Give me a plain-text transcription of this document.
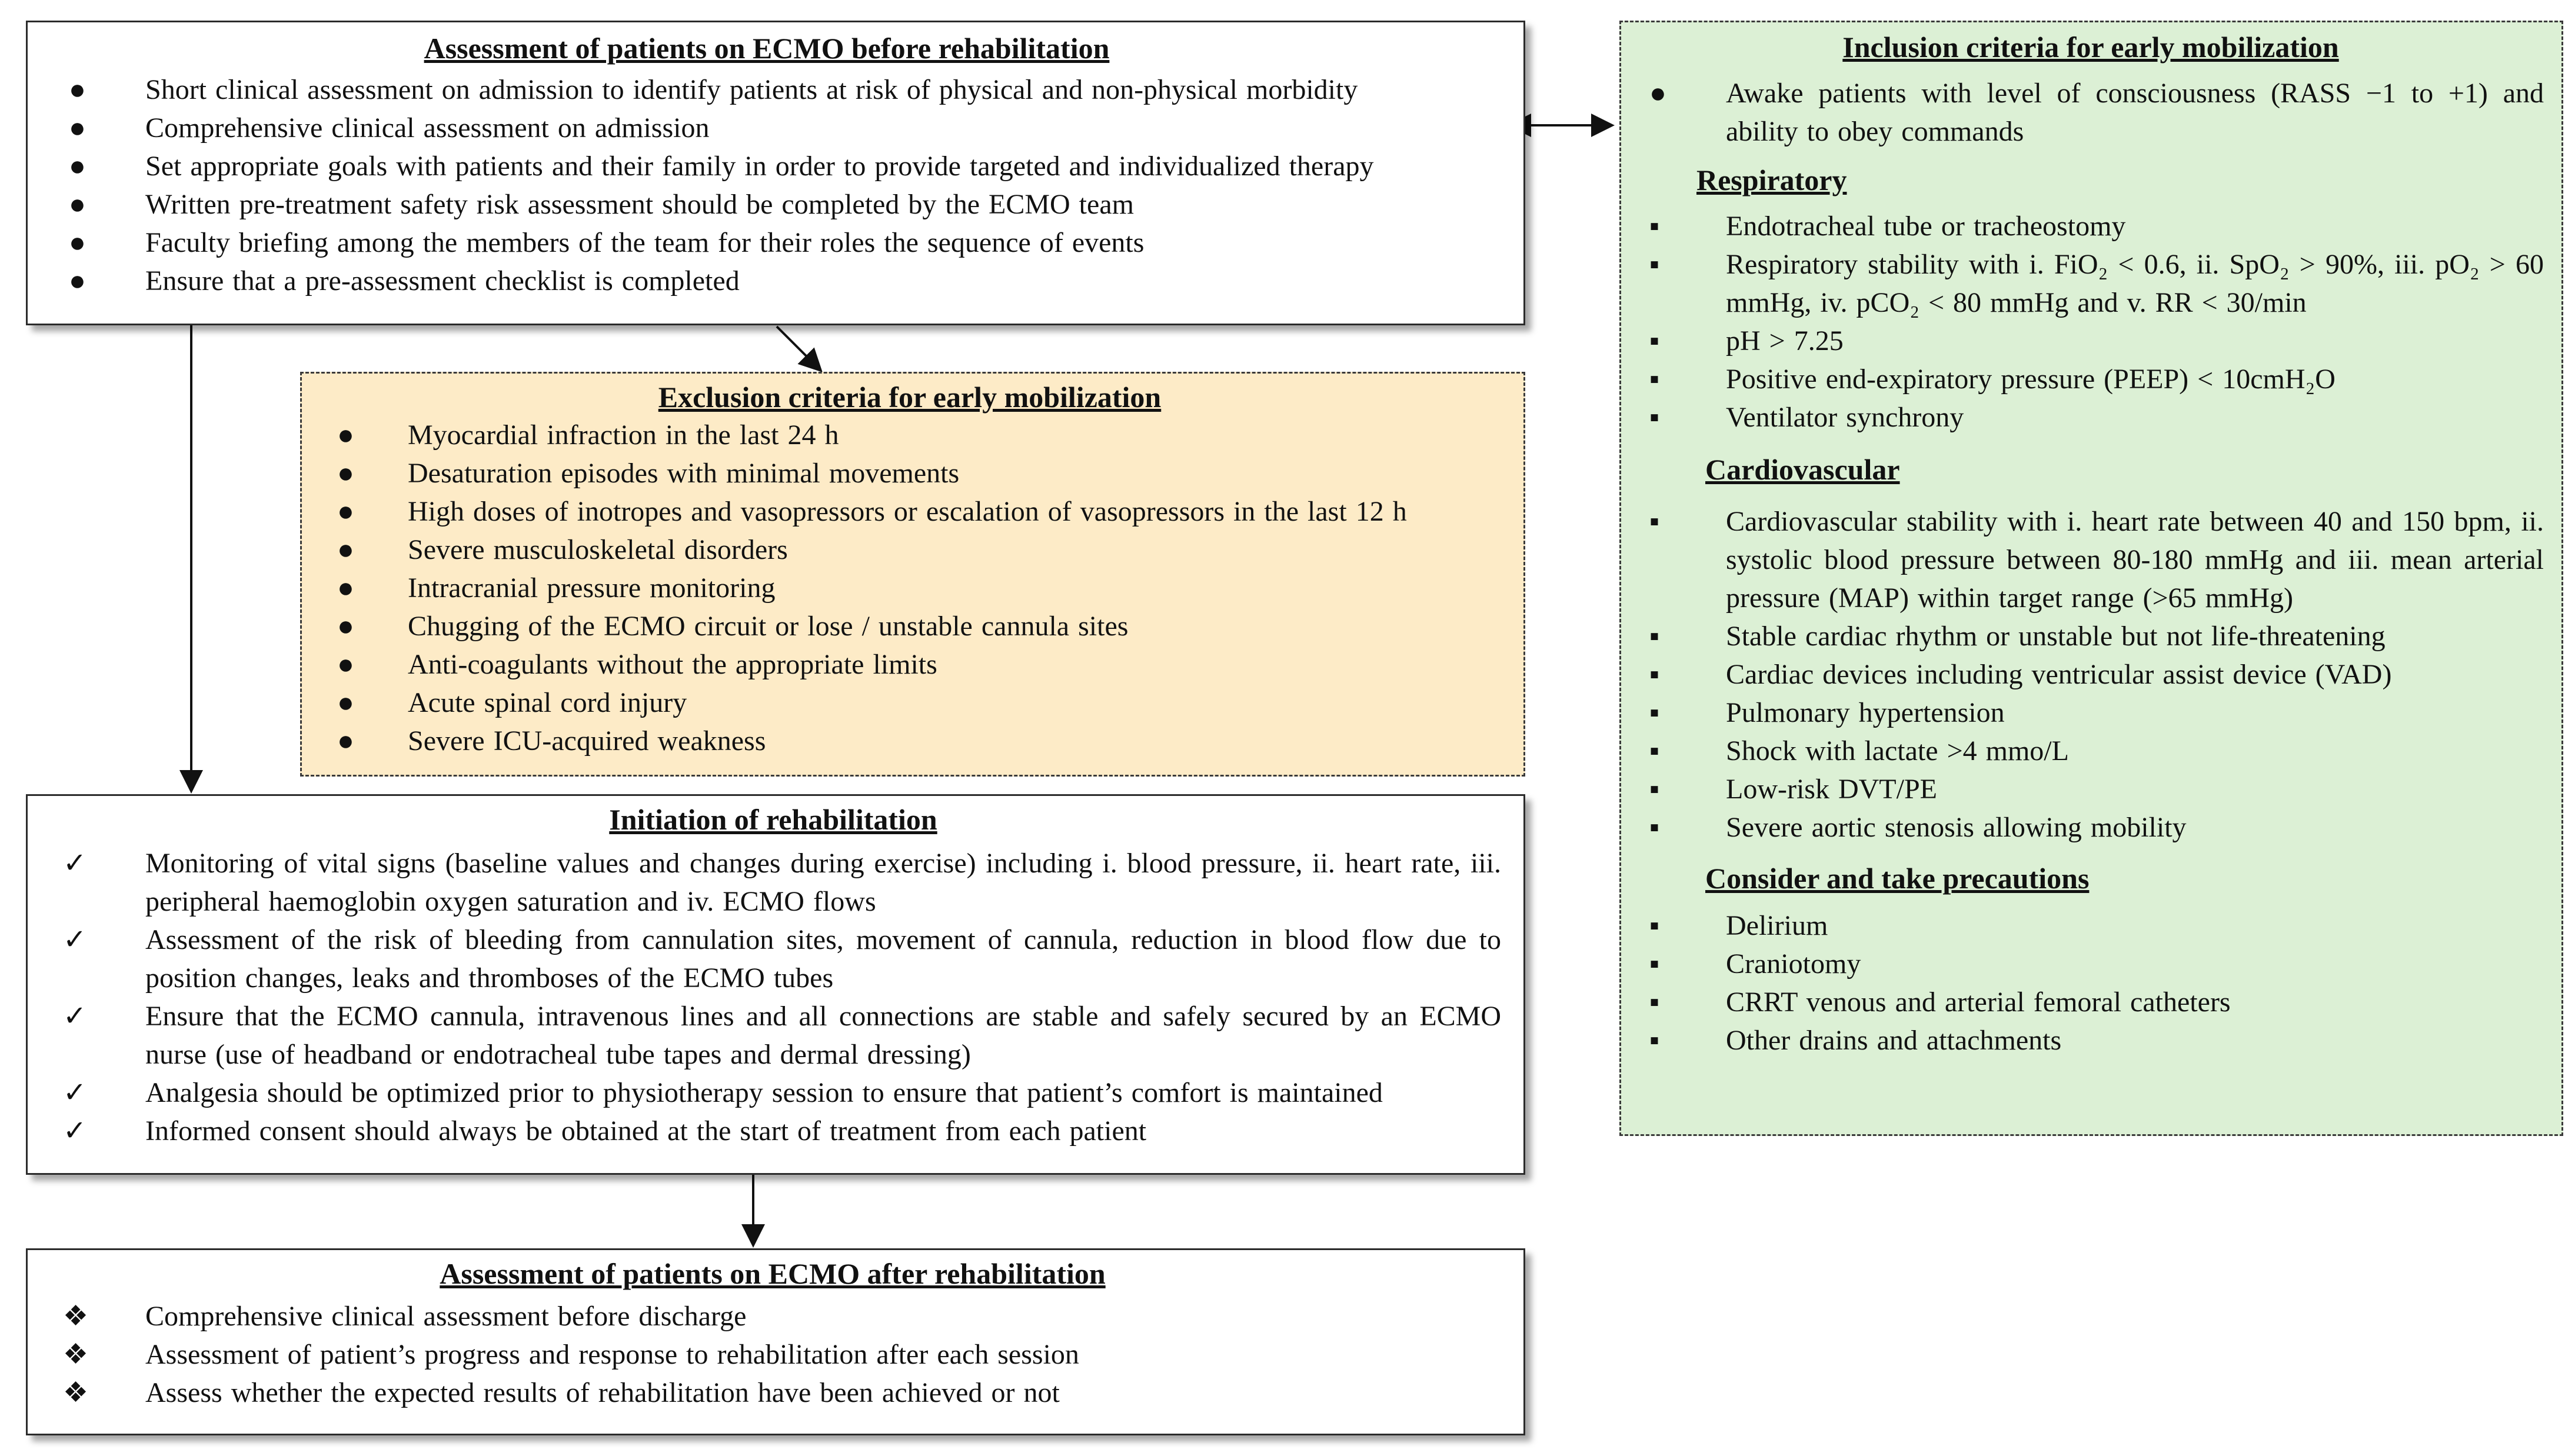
Assessment of patients on ECMO before rehabilitation
● Short clinical assessment on admission to identify patients at risk of physical and non-physical morbidity
● Comprehensive clinical assessment on admission
● Set appropriate goals with patients and their family in order to provide targeted and individualized therapy
● Written pre-treatment safety risk assessment should be completed by the ECMO team
● Faculty briefing among the members of the team for their roles the sequence of events
● Ensure that a pre-assessment checklist is completed
Exclusion criteria for early mobilization
● Myocardial infraction in the last 24 h
● Desaturation episodes with minimal movements
● High doses of inotropes and vasopressors or escalation of vasopressors in the last 12 h
● Severe musculoskeletal disorders
● Intracranial pressure monitoring
● Chugging of the ECMO circuit or lose / unstable cannula sites
● Anti-coagulants without the appropriate limits
● Acute spinal cord injury
● Severe ICU-acquired weakness
Initiation of rehabilitation
✓ Monitoring of vital signs (baseline values and changes during exercise) including i. blood pressure, ii. heart rate, iii. peripheral haemoglobin oxygen saturation and iv. ECMO flows
✓ Assessment of the risk of bleeding from cannulation sites, movement of cannula, reduction in blood flow due to position changes, leaks and thromboses of the ECMO tubes
✓ Ensure that the ECMO cannula, intravenous lines and all connections are stable and safely secured by an ECMO nurse (use of headband or endotracheal tube tapes and dermal dressing)
✓ Analgesia should be optimized prior to physiotherapy session to ensure that patient’s comfort is maintained
✓ Informed consent should always be obtained at the start of treatment from each patient
Assessment of patients on ECMO after rehabilitation
❖ Comprehensive clinical assessment before discharge
❖ Assessment of patient’s progress and response to rehabilitation after each session
❖ Assess whether the expected results of rehabilitation have been achieved or not
Inclusion criteria for early mobilization
● Awake patients with level of consciousness (RASS −1 to +1) and ability to obey commands
Respiratory
▪ Endotracheal tube or tracheostomy
▪ Respiratory stability with i. FiO₂ < 0.6, ii. SpO₂ > 90%, iii. pO₂ > 60 mmHg, iv. pCO₂ < 80 mmHg and v. RR < 30/min
▪ pH > 7.25
▪ Positive end-expiratory pressure (PEEP) < 10cmH₂O
▪ Ventilator synchrony
Cardiovascular
▪ Cardiovascular stability with i. heart rate between 40 and 150 bpm, ii. systolic blood pressure between 80-180 mmHg and iii. mean arterial pressure (MAP) within target range (>65 mmHg)
▪ Stable cardiac rhythm or unstable but not life-threatening
▪ Cardiac devices including ventricular assist device (VAD)
▪ Pulmonary hypertension
▪ Shock with lactate >4 mmo/L
▪ Low-risk DVT/PE
▪ Severe aortic stenosis allowing mobility
Consider and take precautions
▪ Delirium
▪ Craniotomy
▪ CRRT venous and arterial femoral catheters
▪ Other drains and attachments
